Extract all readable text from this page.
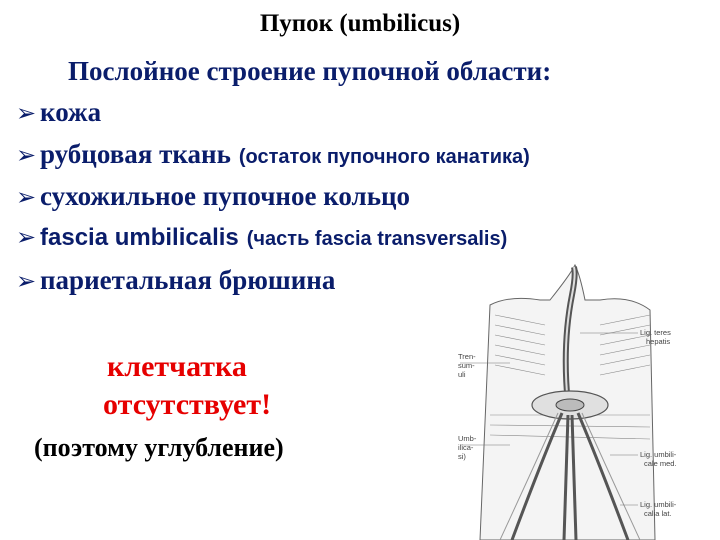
Пупок (umbilicus)
Послойное строение пупочной области:
➢ кожа
➢ рубцовая ткань (остаток пупочного канатика)
➢ сухожильное пупочное кольцо
➢ fascia umbilicalis (часть fascia transversalis)
➢ париетальная брюшина
клетчатка
отсутствует!
(поэтому углубление)
Lig. teres
hepatis
Lig. umbili-
cale med.
Lig. umbili-
calia lat.
Tren-
sum-
uli
Umb-
ilica-
si)
